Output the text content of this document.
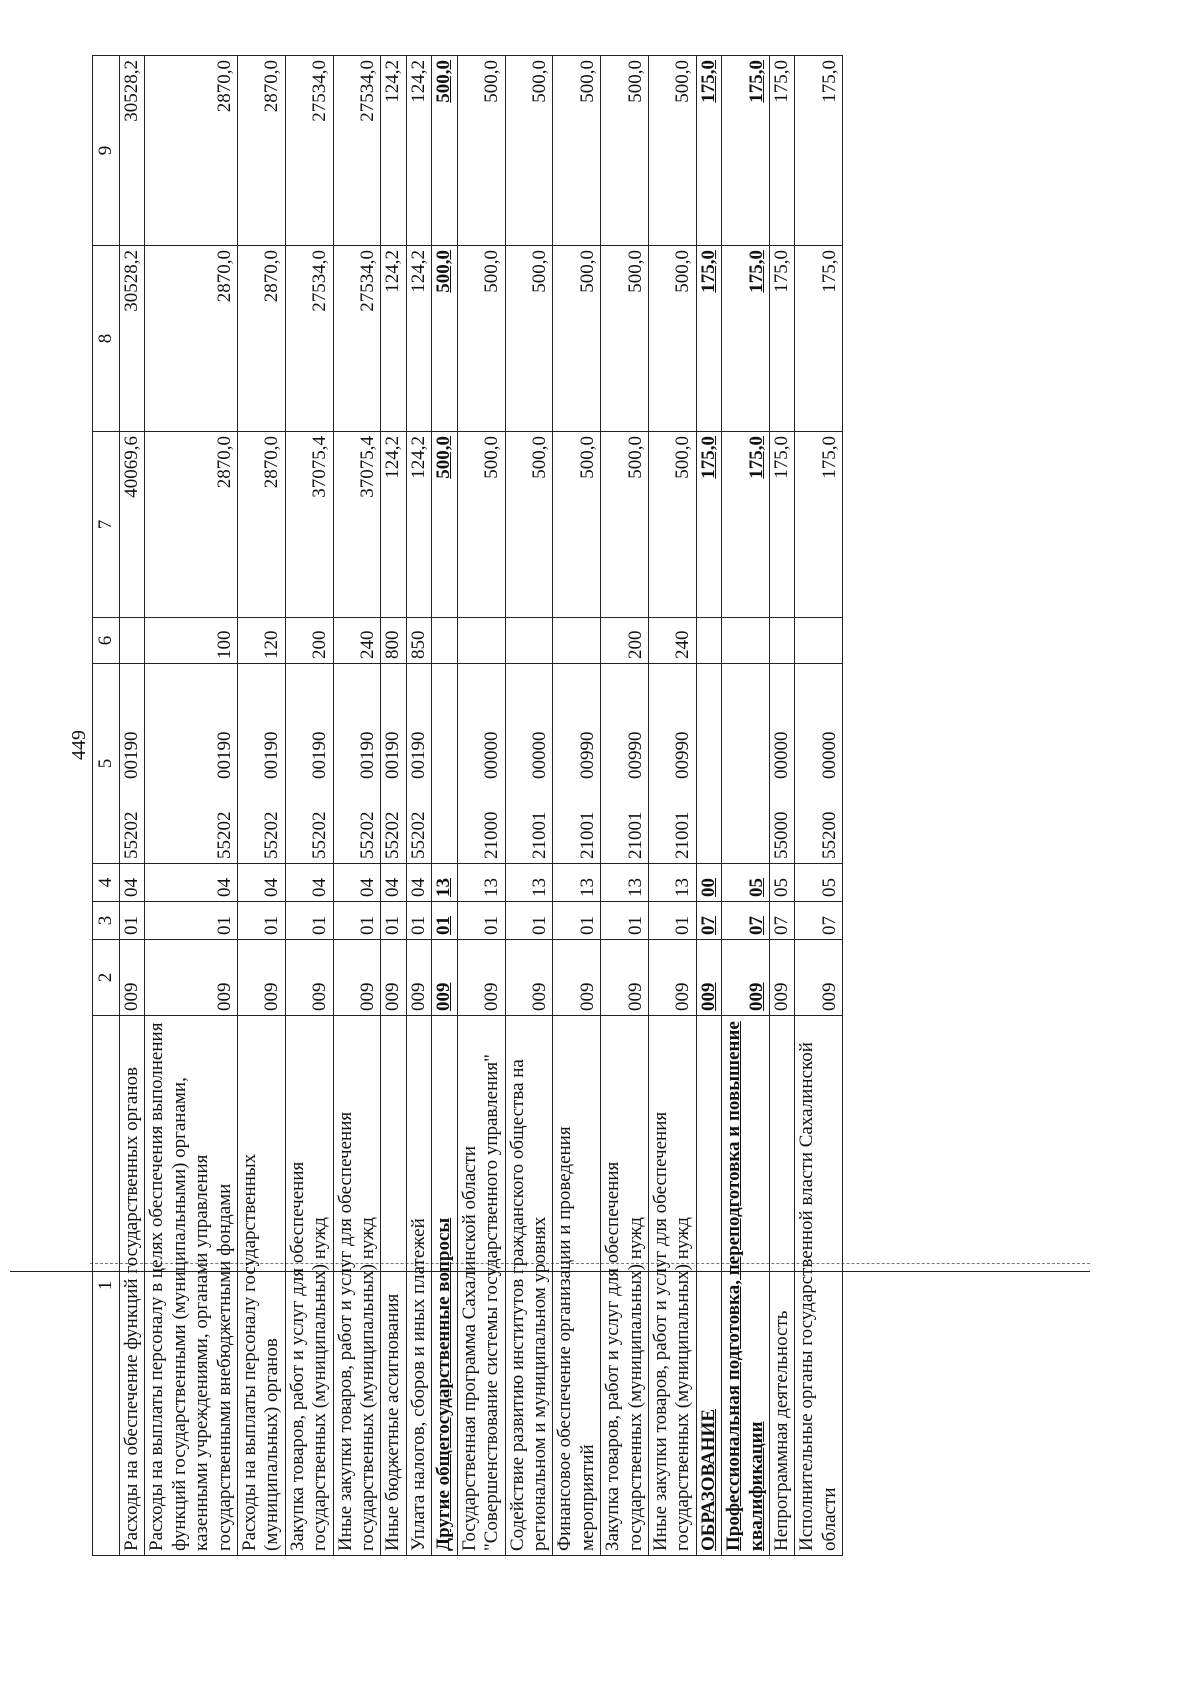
449
1	2	3	4	5	6	7	8	9
Расходы на обеспечение функций государственных органов	009	01	04	5520200190		40069,6	30528,2	30528,2
Расходы на выплаты персоналу в целях обеспечения выполнения функций государственными (муниципальными) органами, казенными учреждениями, органами управления государственными внебюджетными фондами	009	01	04	5520200190	100	2870,0	2870,0	2870,0
Расходы на выплаты персоналу государственных (муниципальных) органов	009	01	04	5520200190	120	2870,0	2870,0	2870,0
Закупка товаров, работ и услуг для обеспечения государственных (муниципальных) нужд	009	01	04	5520200190	200	37075,4	27534,0	27534,0
Иные закупки товаров, работ и услуг для обеспечения государственных (муниципальных) нужд	009	01	04	5520200190	240	37075,4	27534,0	27534,0
Иные бюджетные ассигнования	009	01	04	5520200190	800	124,2	124,2	124,2
Уплата налогов, сборов и иных платежей	009	01	04	5520200190	850	124,2	124,2	124,2
Другие общегосударственные вопросы	009	01	13			500,0	500,0	500,0
Государственная программа Сахалинской области "Совершенствование системы государственного управления"	009	01	13	2100000000		500,0	500,0	500,0
Содействие развитию институтов гражданского общества на региональном и муниципальном уровнях	009	01	13	2100100000		500,0	500,0	500,0
Финансовое обеспечение организации и проведения мероприятий	009	01	13	2100100990		500,0	500,0	500,0
Закупка товаров, работ и услуг для обеспечения государственных (муниципальных) нужд	009	01	13	2100100990	200	500,0	500,0	500,0
Иные закупки товаров, работ и услуг для обеспечения государственных (муниципальных) нужд	009	01	13	2100100990	240	500,0	500,0	500,0
ОБРАЗОВАНИЕ	009	07	00			175,0	175,0	175,0
Профессиональная подготовка, переподготовка и повышение квалификации	009	07	05			175,0	175,0	175,0
Непрограммная деятельность	009	07	05	5500000000		175,0	175,0	175,0
Исполнительные органы государственной власти Сахалинской области	009	07	05	5520000000		175,0	175,0	175,0
